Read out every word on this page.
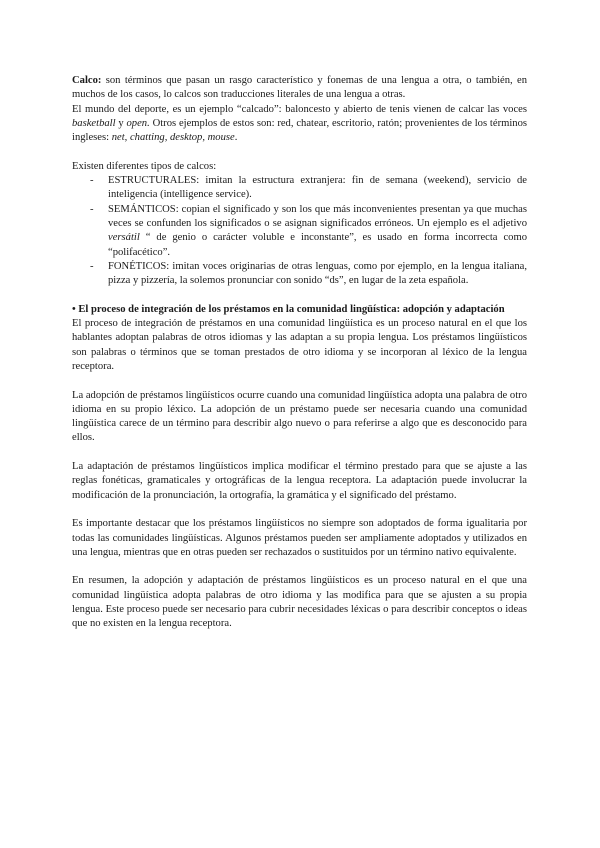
Calco: son términos que pasan un rasgo característico y fonemas de una lengua a otra, o también, en muchos de los casos, lo calcos son traducciones literales de una lengua a otras.

El mundo del deporte, es un ejemplo “calcado”: baloncesto y abierto de tenis vienen de calcar las voces basketball y open. Otros ejemplos de estos son: red, chatear, escritorio, ratón; provenientes de los términos ingleses: net, chatting, desktop, mouse.

Existen diferentes tipos de calcos:

- ESTRUCTURALES: imitan la estructura extranjera: fin de semana (weekend), servicio de inteligencia (intelligence service).
- SEMÁNTICOS: copian el significado y son los que más inconvenientes presentan ya que muchas veces se confunden los significados o se asignan significados erróneos. Un ejemplo es el adjetivo versátil “ de genio o carácter voluble e inconstante”, es usado en forma incorrecta como “polifacético”.
- FONÉTICOS: imitan voces originarias de otras lenguas, como por ejemplo, en la lengua italiana, pizza y pizzería, la solemos pronunciar con sonido “ds”, en lugar de la zeta española.

• El proceso de integración de los préstamos en la comunidad lingüística: adopción y adaptación

El proceso de integración de préstamos en una comunidad lingüística es un proceso natural en el que los hablantes adoptan palabras de otros idiomas y las adaptan a su propia lengua. Los préstamos lingüísticos son palabras o términos que se toman prestados de otro idioma y se incorporan al léxico de la lengua receptora.

La adopción de préstamos lingüísticos ocurre cuando una comunidad lingüística adopta una palabra de otro idioma en su propio léxico. La adopción de un préstamo puede ser necesaria cuando una comunidad lingüística carece de un término para describir algo nuevo o para referirse a algo que es desconocido para ellos.

La adaptación de préstamos lingüísticos implica modificar el término prestado para que se ajuste a las reglas fonéticas, gramaticales y ortográficas de la lengua receptora. La adaptación puede involucrar la modificación de la pronunciación, la ortografía, la gramática y el significado del préstamo.

Es importante destacar que los préstamos lingüísticos no siempre son adoptados de forma igualitaria por todas las comunidades lingüísticas. Algunos préstamos pueden ser ampliamente adoptados y utilizados en una lengua, mientras que en otras pueden ser rechazados o sustituidos por un término nativo equivalente.

En resumen, la adopción y adaptación de préstamos lingüísticos es un proceso natural en el que una comunidad lingüística adopta palabras de otro idioma y las modifica para que se ajusten a su propia lengua. Este proceso puede ser necesario para cubrir necesidades léxicas o para describir conceptos o ideas que no existen en la lengua receptora.
